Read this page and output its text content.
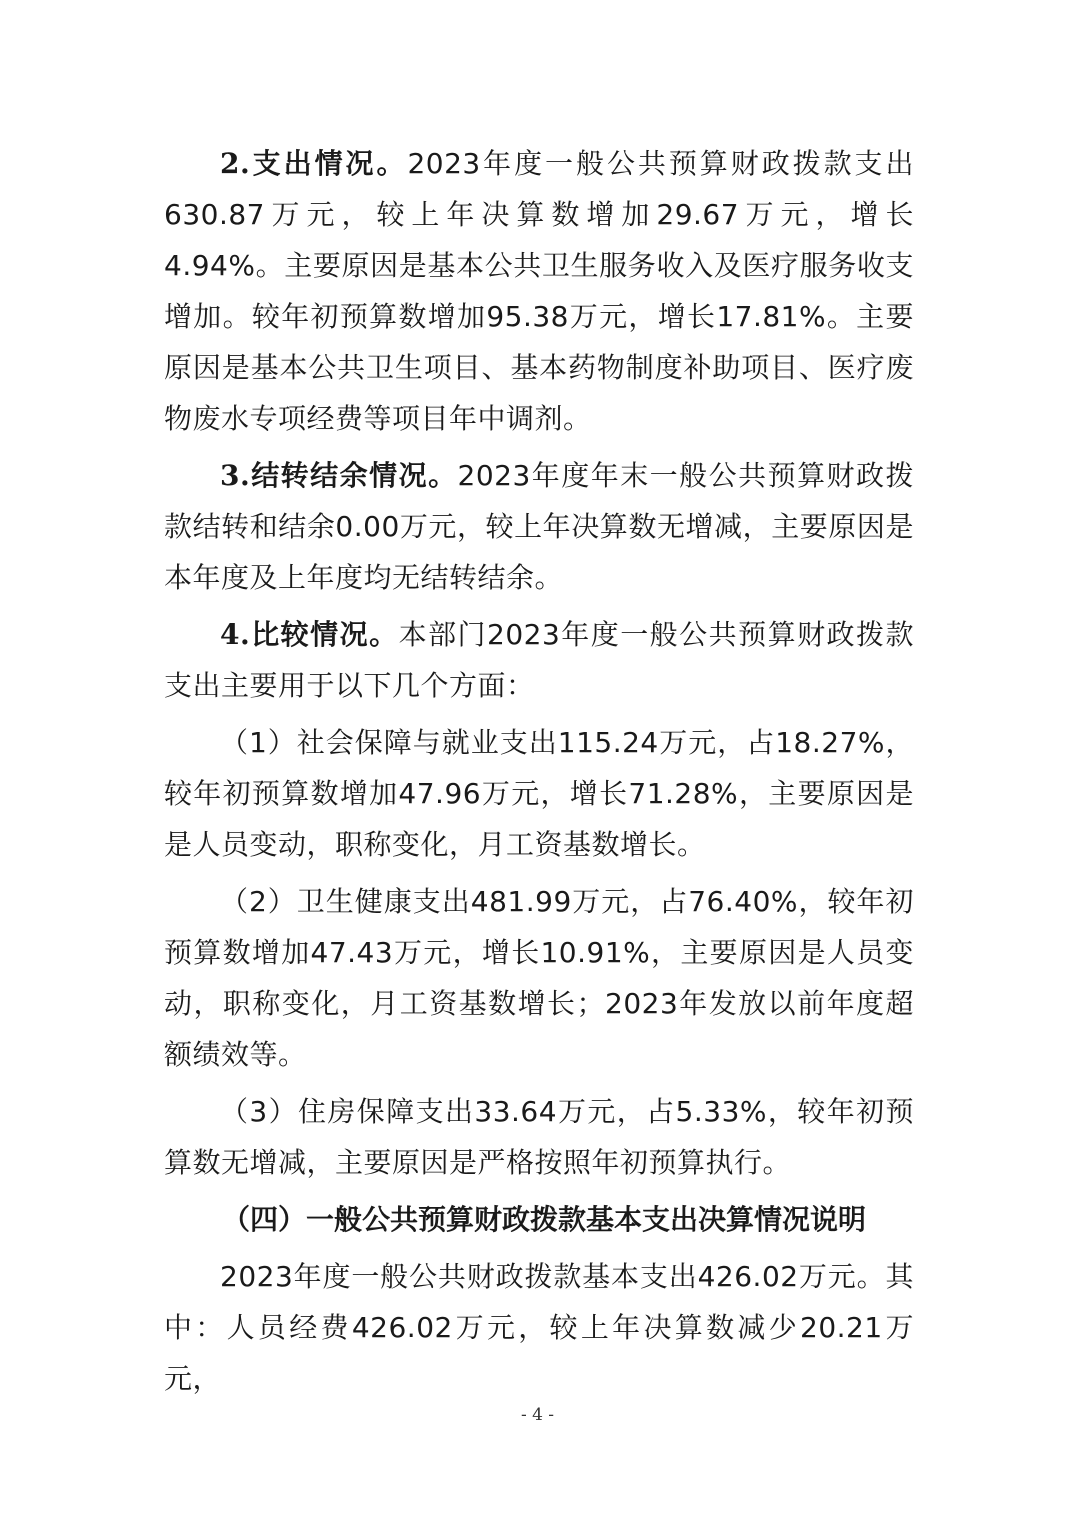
2.支出情况。2023年度一般公共预算财政拨款支出630.87万元，较上年决算数增加29.67万元，增长4.94%。主要原因是基本公共卫生服务收入及医疗服务收支增加。较年初预算数增加95.38万元，增长17.81%。主要原因是基本公共卫生项目、基本药物制度补助项目、医疗废物废水专项经费等项目年中调剂。

3.结转结余情况。2023年度年末一般公共预算财政拨款结转和结余0.00万元，较上年决算数无增减，主要原因是本年度及上年度均无结转结余。

4.比较情况。本部门2023年度一般公共预算财政拨款支出主要用于以下几个方面：

（1）社会保障与就业支出115.24万元，占18.27%，较年初预算数增加47.96万元，增长71.28%，主要原因是是人员变动，职称变化，月工资基数增长。

（2）卫生健康支出481.99万元，占76.40%，较年初预算数增加47.43万元，增长10.91%，主要原因是人员变动，职称变化，月工资基数增长；2023年发放以前年度超额绩效等。

（3）住房保障支出33.64万元，占5.33%，较年初预算数无增减，主要原因是严格按照年初预算执行。

（四）一般公共预算财政拨款基本支出决算情况说明

2023年度一般公共财政拨款基本支出426.02万元。其中：人员经费426.02万元，较上年决算数减少20.21万元，

- 4 -
